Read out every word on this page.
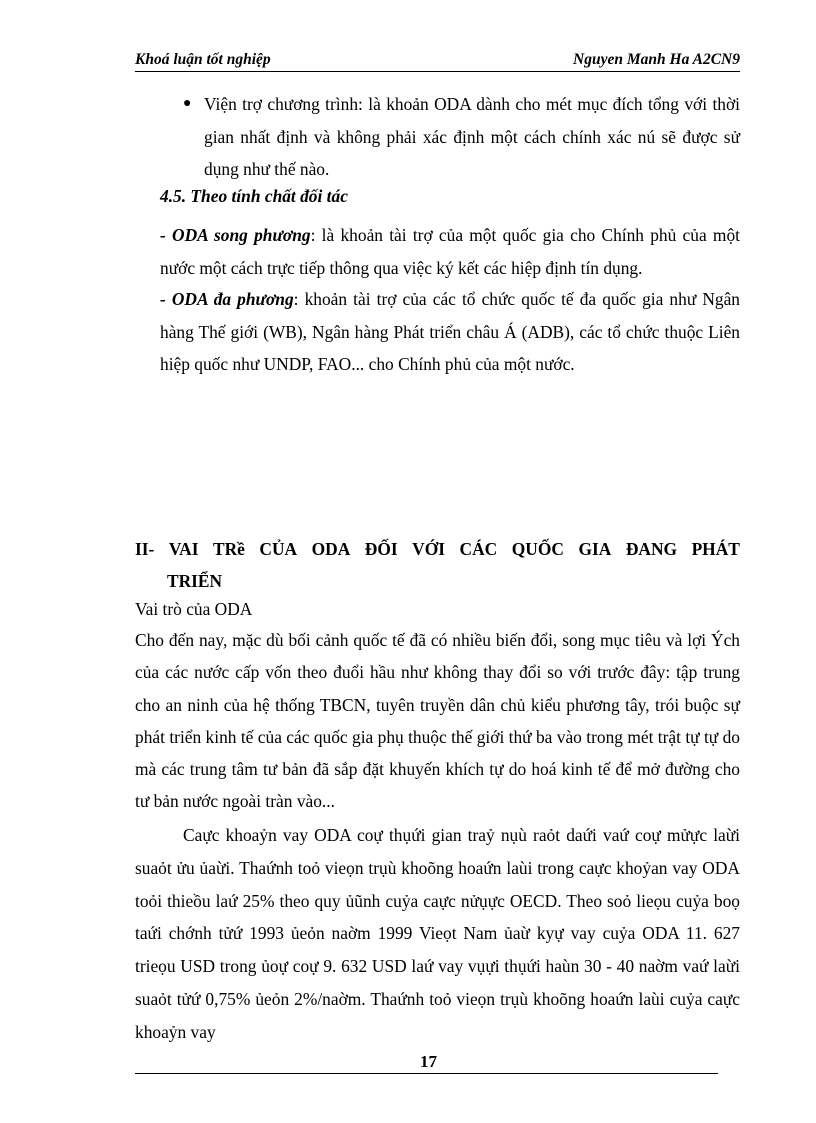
Khoá luận tốt nghiệp	Nguyen Manh Ha A2CN9
● Viện trợ chương trình: là khoản ODA dành cho mét mục đích tổng với thời gian nhất định và không phải xác định một cách chính xác nú sẽ được sử dụng như thế nào.
4.5. Theo tính chất đối tác
- ODA song phương: là khoản tài trợ của một quốc gia cho Chính phủ của một nước một cách trực tiếp thông qua việc ký kết các hiệp định tín dụng.
- ODA đa phương: khoản tài trợ của các tổ chức quốc tế đa quốc gia như Ngân hàng Thế giới (WB), Ngân hàng Phát triển châu Á (ADB), các tổ chức thuộc Liên hiệp quốc như UNDP, FAO... cho Chính phủ của một nước.
II- VAI TRề CỦA ODA ĐỐI VỚI CÁC QUỐC GIA ĐANG PHÁT
TRIỂN
Vai trò của ODA
Cho đến nay, mặc dù bối cảnh quốc tế đã có nhiều biến đổi, song mục tiêu và lợi Ých của các nước cấp vốn theo đuổi hầu như không thay đổi so với trước đây: tập trung cho an ninh của hệ thống TBCN, tuyên truyền dân chủ kiểu phương tây, trói buộc sự phát triển kinh tế của các quốc gia phụ thuộc thế giới thứ ba vào trong mét trật tự tự do mà các trung tâm tư bản đã sắp đặt khuyến khích tự do hoá kinh tế để mở đường cho tư bản nước ngoài tràn vào...
Caực khoaỷn vay ODA coự thụứi gian traỷ nụù raỏt daứi vaứ coự mửực laừi suaỏt ửu ủaừi. Thaứnh toỏ vieọn trụù khoõng hoaứn laùi trong caực khoỷan vay ODA toỏi thieồu laứ 25% theo quy ủũnh cuỷa caực nửụực OECD. Theo soỏ lieọu cuỷa boọ taứi chớnh tửứ 1993 ủeỏn naờm 1999 Vieọt Nam ủaừ kyự vay cuỷa ODA 11. 627 trieọu USD trong ủoự coự 9. 632 USD laứ vay vụựi thụứi haùn 30 - 40 naờm vaứ laừi suaỏt tửứ 0,75% ủeỏn 2%/naờm. Thaứnh toỏ vieọn trụù khoõng hoaứn laùi cuỷa caực khoaỷn vay
17
